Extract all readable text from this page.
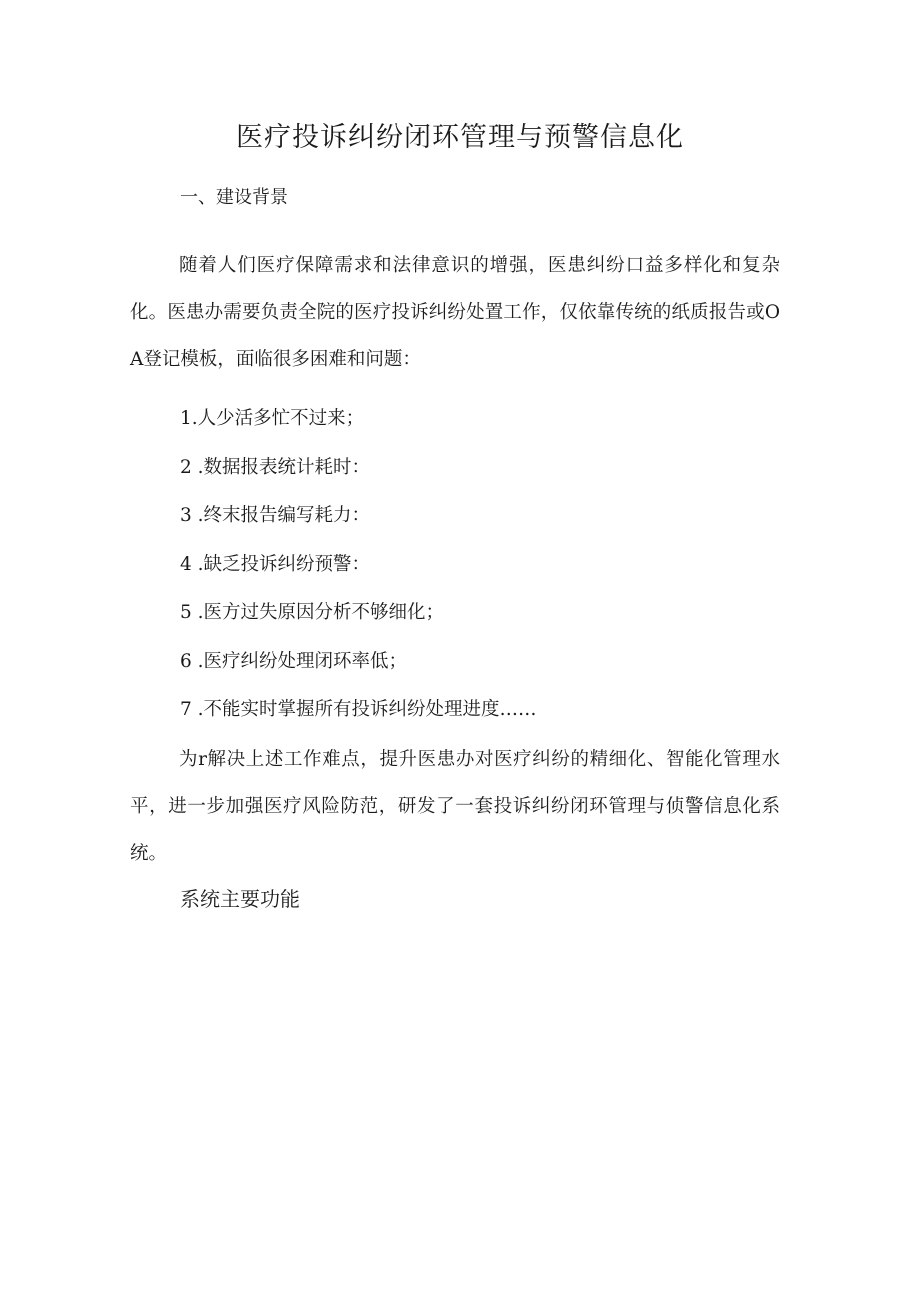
医疗投诉纠纷闭环管理与预警信息化
一、建设背景

随着人们医疗保障需求和法律意识的增强，医患纠纷口益多样化和复杂化。医患办需要负责全院的医疗投诉纠纷处置工作，仅依靠传统的纸质报告或OA登记模板，面临很多困难和问题：

1.人少活多忙不过来；
2 .数据报表统计耗时：
3 .终末报告编写耗力：
4 .缺乏投诉纠纷预警：
5 .医方过失原因分析不够细化；
6 .医疗纠纷处理闭环率低；
7 .不能实时掌握所有投诉纠纷处理进度……

为r解决上述工作难点，提升医患办对医疗纠纷的精细化、智能化管理水平，进一步加强医疗风险防范，研发了一套投诉纠纷闭环管理与侦警信息化系统。

系统主要功能
